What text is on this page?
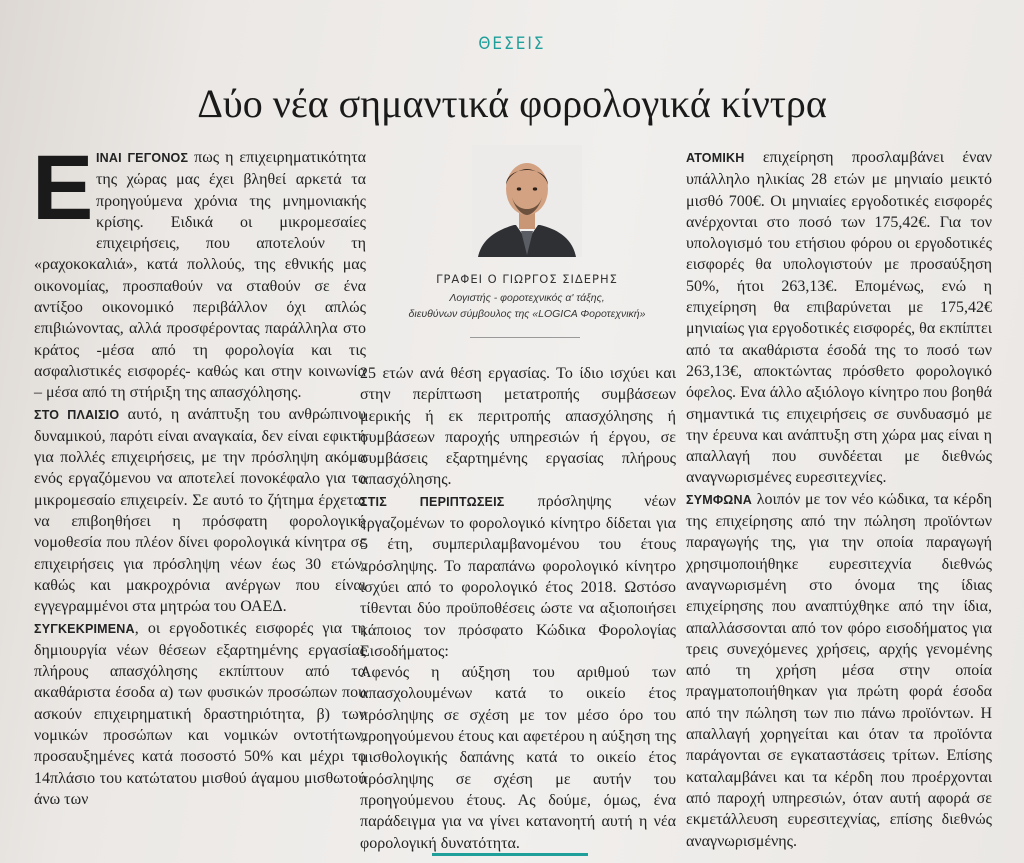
ΘΕΣΕΙΣ
Δύο νέα σημαντικά φορολογικά κίντρα
Ε ΙΝΑΙ ΓΕΓΟΝΟΣ πως η επιχειρηματικότητα της χώρας μας έχει βληθεί αρκετά τα προηγούμενα χρόνια της μνημονιακής κρίσης. Ειδικά οι μικρομεσαίες επιχειρήσεις, που αποτελούν τη «ραχοκοκαλιά», κατά πολλούς, της εθνικής μας οικονομίας, προσπαθούν να σταθούν σε ένα αντίξοο οικονομικό περιβάλλον όχι απλώς επιβιώνοντας, αλλά προσφέροντας παράλληλα στο κράτος -μέσα από τη φορολογία και τις ασφαλιστικές εισφορές- καθώς και στην κοινωνία – μέσα από τη στήριξη της απασχόλησης.

ΣΤΟ ΠΛΑΙΣΙΟ αυτό, η ανάπτυξη του ανθρώπινου δυναμικού, παρότι είναι αναγκαία, δεν είναι εφικτή για πολλές επιχειρήσεις, με την πρόσληψη ακόμα ενός εργαζόμενου να αποτελεί πονοκέφαλο για το μικρομεσαίο επιχειρείν. Σε αυτό το ζήτημα έρχεται να επιβοηθήσει η πρόσφατη φορολογική νομοθεσία που πλέον δίνει φορολογικά κίνητρα σε επιχειρήσεις για πρόσληψη νέων έως 30 ετών, καθώς και μακροχρόνια ανέργων που είναι εγγεγραμμένοι στα μητρώα του ΟΑΕΔ.

ΣΥΓΚΕΚΡΙΜΕΝΑ, οι εργοδοτικές εισφορές για τη δημιουργία νέων θέσεων εξαρτημένης εργασίας πλήρους απασχόλησης εκπίπτουν από τα ακαθάριστα έσοδα α) των φυσικών προσώπων που ασκούν επιχειρηματική δραστηριότητα, β) των νομικών προσώπων και νομικών οντοτήτων, προσαυξημένες κατά ποσοστό 50% και μέχρι το 14πλάσιο του κατώτατου μισθού άγαμου μισθωτού άνω των

ΓΡΑΦΕΙ Ο ΓΙΩΡΓΟΣ ΣΙΔΕΡΗΣ
Λογιστής - φοροτεχνικός α' τάξης,
διευθύνων σύμβουλος της «LOGICA Φοροτεχνική»

25 ετών ανά θέση εργασίας. Το ίδιο ισχύει και στην περίπτωση μετατροπής συμβάσεων μερικής ή εκ περιτροπής απασχόλησης ή συμβάσεων παροχής υπηρεσιών ή έργου, σε συμβάσεις εξαρτημένης εργασίας πλήρους απασχόλησης.

ΣΤΙΣ ΠΕΡΙΠΤΩΣΕΙΣ πρόσληψης νέων εργαζομένων το φορολογικό κίνητρο δίδεται για 5 έτη, συμπεριλαμβανομένου του έτους πρόσληψης. Το παραπάνω φορολογικό κίνητρο ισχύει από το φορολογικό έτος 2018. Ωστόσο τίθενται δύο προϋποθέσεις ώστε να αξιοποιήσει κάποιος τον πρόσφατο Κώδικα Φορολογίας Εισοδήματος:

Αφενός η αύξηση του αριθμού των απασχολουμένων κατά το οικείο έτος πρόσληψης σε σχέση με τον μέσο όρο του προηγούμενου έτους και αφετέρου η αύξηση της μισθολογικής δαπάνης κατά το οικείο έτος πρόσληψης σε σχέση με αυτήν του προηγούμενου έτους. Ας δούμε, όμως, ένα παράδειγμα για να γίνει κατανοητή αυτή η νέα φορολογική δυνατότητα.

ΑΤΟΜΙΚΗ επιχείρηση προσλαμβάνει έναν υπάλληλο ηλικίας 28 ετών με μηνιαίο μεικτό μισθό 700€. Οι μηνιαίες εργοδοτικές εισφορές ανέρχονται στο ποσό των 175,42€. Για τον υπολογισμό του ετήσιου φόρου οι εργοδοτικές εισφορές θα υπολογιστούν με προσαύξηση 50%, ήτοι 263,13€. Επομένως, ενώ η επιχείρηση θα επιβαρύνεται με 175,42€ μηνιαίως για εργοδοτικές εισφορές, θα εκπίπτει από τα ακαθάριστα έσοδά της το ποσό των 263,13€, αποκτώντας πρόσθετο φορολογικό όφελος. Ενα άλλο αξιόλογο κίνητρο που βοηθά σημαντικά τις επιχειρήσεις σε συνδυασμό με την έρευνα και ανάπτυξη στη χώρα μας είναι η απαλλαγή που συνδέεται με διεθνώς αναγνωρισμένες ευρεσιτεχνίες.

ΣΥΜΦΩΝΑ λοιπόν με τον νέο κώδικα, τα κέρδη της επιχείρησης από την πώληση προϊόντων παραγωγής της, για την οποία παραγωγή χρησιμοποιήθηκε ευρεσιτεχνία διεθνώς αναγνωρισμένη στο όνομα της ίδιας επιχείρησης που αναπτύχθηκε από την ίδια, απαλλάσσονται από τον φόρο εισοδήματος για τρεις συνεχόμενες χρήσεις, αρχής γενομένης από τη χρήση μέσα στην οποία πραγματοποιήθηκαν για πρώτη φορά έσοδα από την πώληση των πιο πάνω προϊόντων. Η απαλλαγή χορηγείται και όταν τα προϊόντα παράγονται σε εγκαταστάσεις τρίτων. Επίσης καταλαμβάνει και τα κέρδη που προέρχονται από παροχή υπηρεσιών, όταν αυτή αφορά σε εκμετάλλευση ευρεσιτεχνίας, επίσης διεθνώς αναγνωρισμένης.
